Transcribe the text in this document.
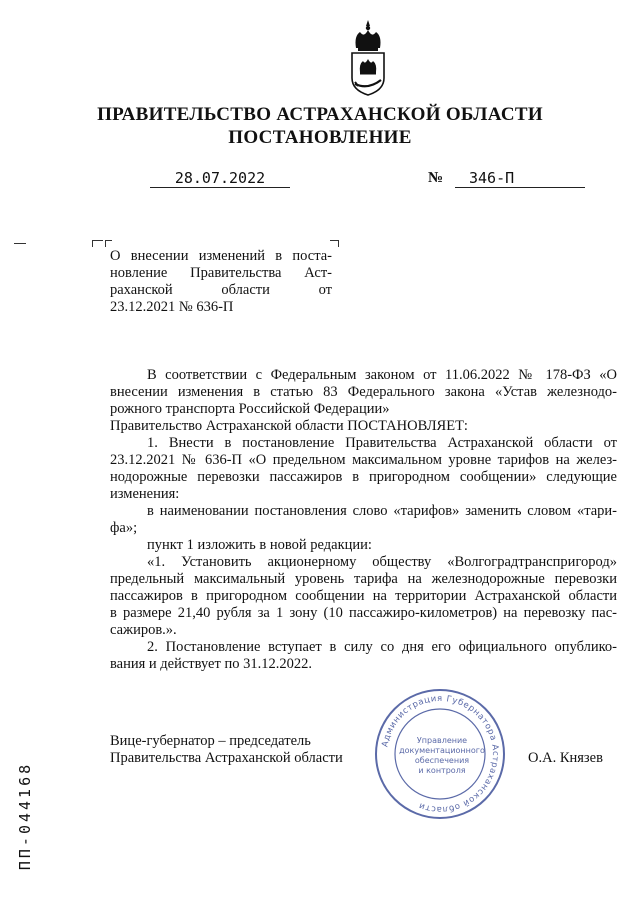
ПРАВИТЕЛЬСТВО АСТРАХАНСКОЙ ОБЛАСТИ
ПОСТАНОВЛЕНИЕ
28.07.2022	№	346-П
О внесении изменений в поста-
новление Правительства Аст-
раханской области от
23.12.2021 № 636-П
В соответствии с Федеральным законом от 11.06.2022 № 178-ФЗ «О
внесении изменения в статью 83 Федерального закона «Устав железнодо-
рожного транспорта Российской Федерации»
Правительство Астраханской области ПОСТАНОВЛЯЕТ:
1. Внести в постановление Правительства Астраханской области от
23.12.2021 № 636-П «О предельном максимальном уровне тарифов на желез-
нодорожные перевозки пассажиров в пригородном сообщении» следующие
изменения:
в наименовании постановления слово «тарифов» заменить словом «тари-
фа»;
пункт 1 изложить в новой редакции:
«1. Установить акционерному обществу «Волгоградтранспригород»
предельный максимальный уровень тарифа на железнодорожные перевозки
пассажиров в пригородном сообщении на территории Астраханской области
в размере 21,40 рубля за 1 зону (10 пассажиро-километров) на перевозку пас-
сажиров.».
2. Постановление вступает в силу со дня его официального опублико-
вания и действует по 31.12.2022.
Вице-губернатор – председатель
Правительства Астраханской области
Администрация Губернатора Астраханской области
Управление
документационного
обеспечения
и контроля
О.А. Князев
ПП-044168
